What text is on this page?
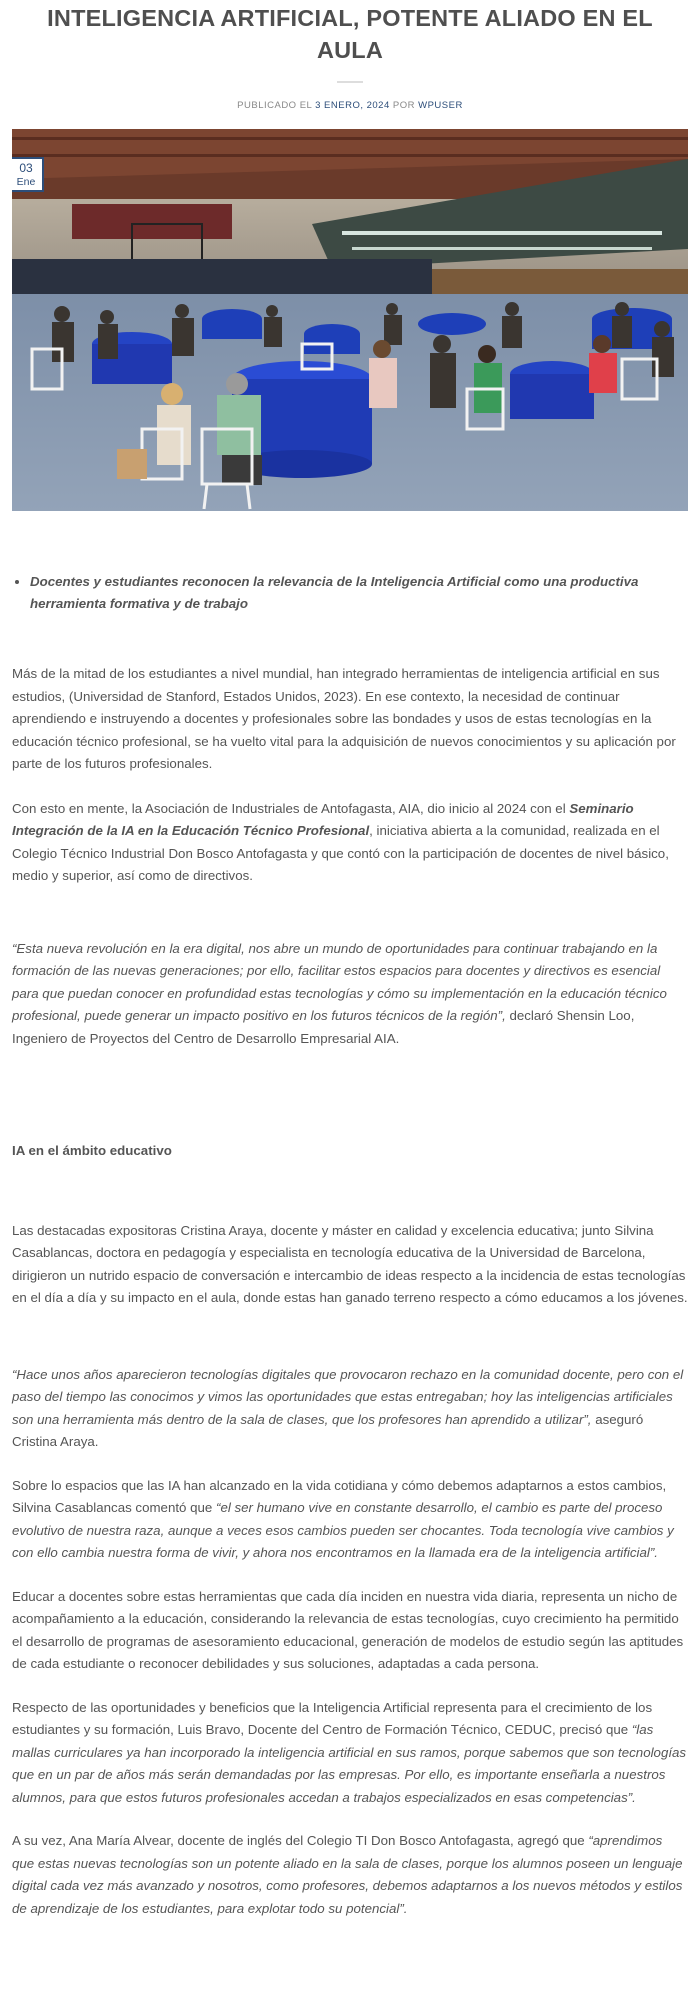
INTELIGENCIA ARTIFICIAL, POTENTE ALIADO EN EL AULA
PUBLICADO EL 3 ENERO, 2024 POR WPUSER
03
Ene
• Docentes y estudiantes reconocen la relevancia de la Inteligencia Artificial como una productiva herramienta formativa y de trabajo

Más de la mitad de los estudiantes a nivel mundial, han integrado herramientas de inteligencia artificial en sus estudios, (Universidad de Stanford, Estados Unidos, 2023). En ese contexto, la necesidad de continuar aprendiendo e instruyendo a docentes y profesionales sobre las bondades y usos de estas tecnologías en la educación técnico profesional, se ha vuelto vital para la adquisición de nuevos conocimientos y su aplicación por parte de los futuros profesionales.

Con esto en mente, la Asociación de Industriales de Antofagasta, AIA, dio inicio al 2024 con el Seminario Integración de la IA en la Educación Técnico Profesional, iniciativa abierta a la comunidad, realizada en el Colegio Técnico Industrial Don Bosco Antofagasta y que contó con la participación de docentes de nivel básico, medio y superior, así como de directivos.

“Esta nueva revolución en la era digital, nos abre un mundo de oportunidades para continuar trabajando en la formación de las nuevas generaciones; por ello, facilitar estos espacios para docentes y directivos es esencial para que puedan conocer en profundidad estas tecnologías y cómo su implementación en la educación técnico profesional, puede generar un impacto positivo en los futuros técnicos de la región”, declaró Shensin Loo, Ingeniero de Proyectos del Centro de Desarrollo Empresarial AIA.

IA en el ámbito educativo

Las destacadas expositoras Cristina Araya, docente y máster en calidad y excelencia educativa; junto Silvina Casablancas, doctora en pedagogía y especialista en tecnología educativa de la Universidad de Barcelona, dirigieron un nutrido espacio de conversación e intercambio de ideas respecto a la incidencia de estas tecnologías en el día a día y su impacto en el aula, donde estas han ganado terreno respecto a cómo educamos a los jóvenes.

“Hace unos años aparecieron tecnologías digitales que provocaron rechazo en la comunidad docente, pero con el paso del tiempo las conocimos y vimos las oportunidades que estas entregaban; hoy las inteligencias artificiales son una herramienta más dentro de la sala de clases, que los profesores han aprendido a utilizar”, aseguró Cristina Araya.

Sobre lo espacios que las IA han alcanzado en la vida cotidiana y cómo debemos adaptarnos a estos cambios, Silvina Casablancas comentó que “el ser humano vive en constante desarrollo, el cambio es parte del proceso evolutivo de nuestra raza, aunque a veces esos cambios pueden ser chocantes. Toda tecnología vive cambios y con ello cambia nuestra forma de vivir, y ahora nos encontramos en la llamada era de la inteligencia artificial”.

Educar a docentes sobre estas herramientas que cada día inciden en nuestra vida diaria, representa un nicho de acompañamiento a la educación, considerando la relevancia de estas tecnologías, cuyo crecimiento ha permitido el desarrollo de programas de asesoramiento educacional, generación de modelos de estudio según las aptitudes de cada estudiante o reconocer debilidades y sus soluciones, adaptadas a cada persona.

Respecto de las oportunidades y beneficios que la Inteligencia Artificial representa para el crecimiento de los estudiantes y su formación, Luis Bravo, Docente del Centro de Formación Técnico, CEDUC, precisó que “las mallas curriculares ya han incorporado la inteligencia artificial en sus ramos, porque sabemos que son tecnologías que en un par de años más serán demandadas por las empresas. Por ello, es importante enseñarla a nuestros alumnos, para que estos futuros profesionales accedan a trabajos especializados en esas competencias”.

A su vez, Ana María Alvear, docente de inglés del Colegio TI Don Bosco Antofagasta, agregó que “aprendimos que estas nuevas tecnologías son un potente aliado en la sala de clases, porque los alumnos poseen un lenguaje digital cada vez más avanzado y nosotros, como profesores, debemos adaptarnos a los nuevos métodos y estilos de aprendizaje de los estudiantes, para explotar todo su potencial”.
